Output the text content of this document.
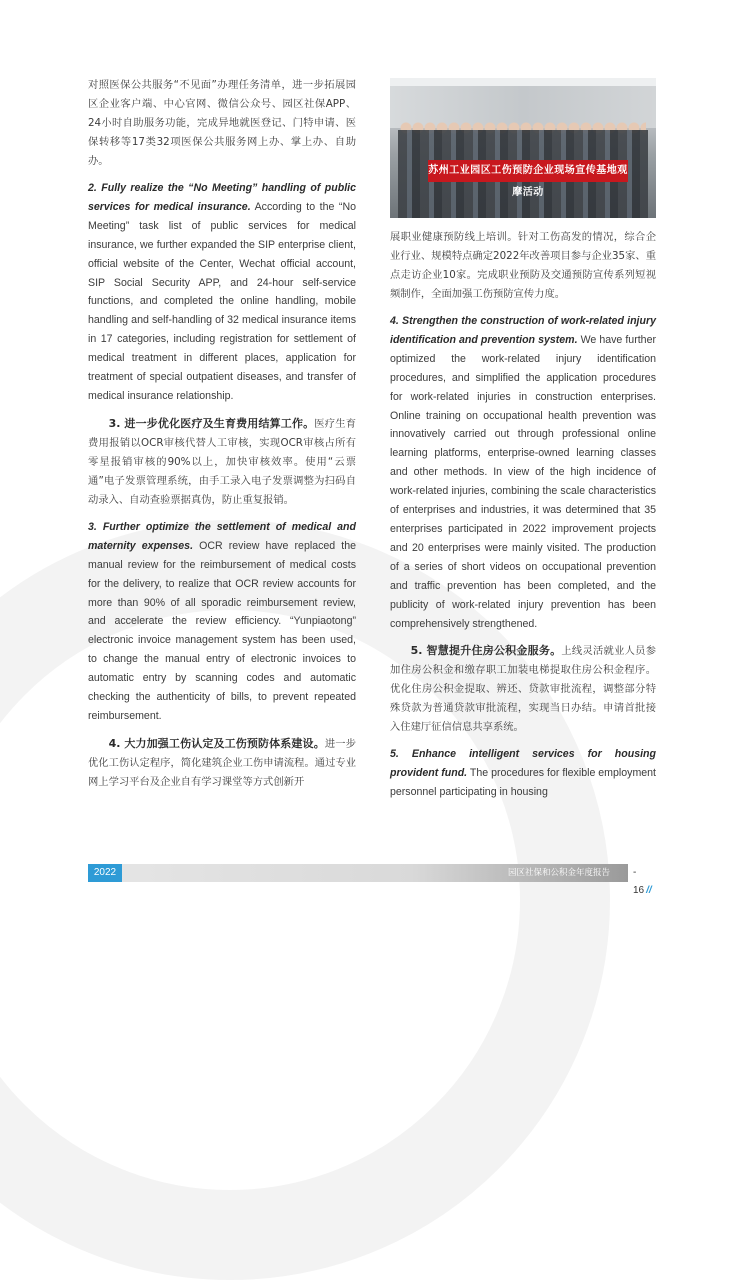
对照医保公共服务“不见面”办理任务清单，进一步拓展园区企业客户端、中心官网、微信公众号、园区社保APP、24小时自助服务功能，完成异地就医登记、门特申请、医保转移等17类32项医保公共服务网上办、掌上办、自助办。

2. Fully realize the “No Meeting” handling of public services for medical insurance. According to the “No Meeting” task list of public services for medical insurance, we further expanded the SIP enterprise client, official website of the Center, Wechat official account, SIP Social Security APP, and 24-hour self-service functions, and completed the online handling, mobile handling and self-handling of 32 medical insurance items in 17 categories, including registration for settlement of medical treatment in different places, application for treatment of special outpatient diseases, and transfer of medical insurance relationship.

3. 进一步优化医疗及生育费用结算工作。医疗生育费用报销以OCR审核代替人工审核，实现OCR审核占所有零星报销审核的90%以上，加快审核效率。使用“云票通”电子发票管理系统，由手工录入电子发票调整为扫码自动录入、自动查验票据真伪，防止重复报销。

3. Further optimize the settlement of medical and maternity expenses. OCR review have replaced the manual review for the reimbursement of medical costs for the delivery, to realize that OCR review accounts for more than 90% of all sporadic reimbursement review, and accelerate the review efficiency. “Yunpiaotong” electronic invoice management system has been used, to change the manual entry of electronic invoices to automatic entry by scanning codes and automatic checking the authenticity of bills, to prevent repeated reimbursement.

4. 大力加强工伤认定及工伤预防体系建设。进一步优化工伤认定程序，简化建筑企业工伤申请流程。通过专业网上学习平台及企业自有学习课堂等方式创新开

苏州工业园区工伤预防企业现场宣传基地观摩活动

展职业健康预防线上培训。针对工伤高发的情况，综合企业行业、规模特点确定2022年改善项目参与企业35家、重点走访企业10家。完成职业预防及交通预防宣传系列短视频制作，全面加强工伤预防宣传力度。

4. Strengthen the construction of work-related injury identification and prevention system. We have further optimized the work-related injury identification procedures, and simplified the application procedures for work-related injuries in construction enterprises. Online training on occupational health prevention was innovatively carried out through professional online learning platforms, enterprise-owned learning classes and other methods. In view of the high incidence of work-related injuries, combining the scale characteristics of enterprises and industries, it was determined that 35 enterprises participated in 2022 improvement projects and 20 enterprises were mainly visited. The production of a series of short videos on occupational prevention and traffic prevention has been completed, and the publicity of work-related injury prevention has been comprehensively strengthened.

5. 智慧提升住房公积金服务。上线灵活就业人员参加住房公积金和缴存职工加装电梯提取住房公积金程序。优化住房公积金提取、辨还、贷款审批流程，调整部分特殊贷款为普通贷款审批流程，实现当日办结。申请首批接入住建厅征信信息共享系统。

5. Enhance intelligent services for housing provident fund. The procedures for flexible employment personnel participating in housing

2022	园区社保和公积金年度报告 - 16 //
